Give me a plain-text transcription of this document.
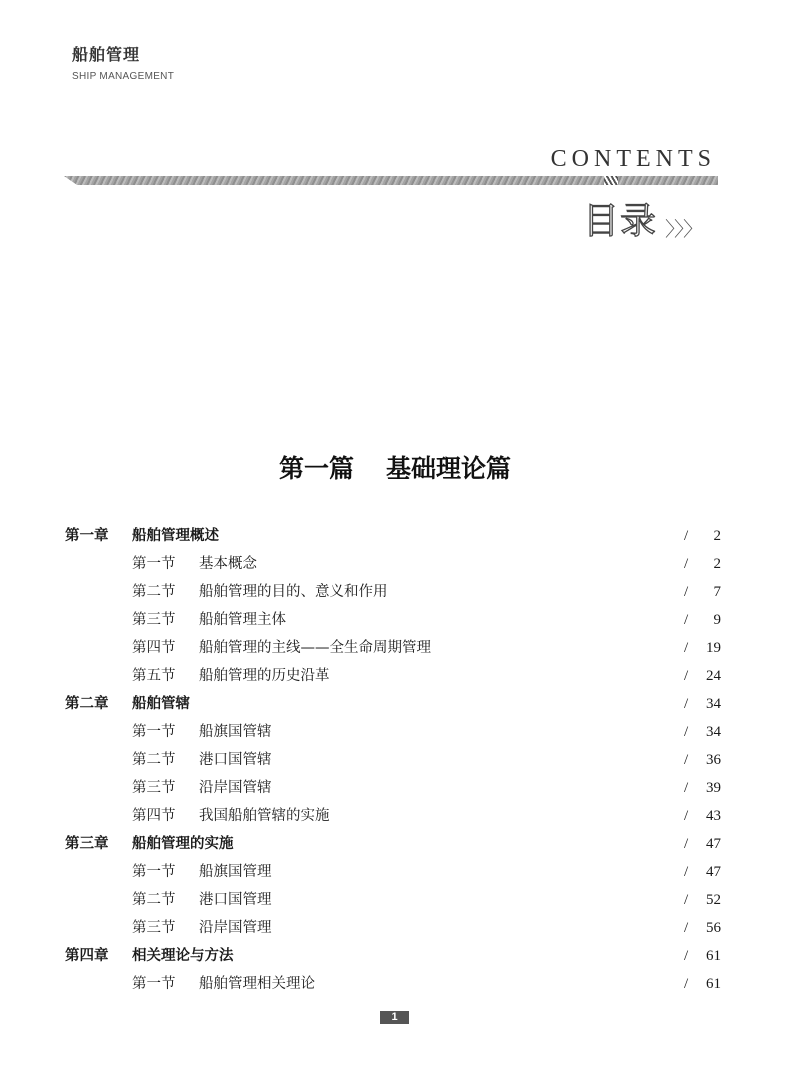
船舶管理
SHIP MANAGEMENT
CONTENTS
目录 〉〉〉
第一篇 基础理论篇
第一章 船舶管理概述	/ 2
第一节 基本概念	/ 2
第二节 船舶管理的目的、意义和作用	/ 7
第三节 船舶管理主体	/ 9
第四节 船舶管理的主线——全生命周期管理	/ 19
第五节 船舶管理的历史沿革	/ 24
第二章 船舶管辖	/ 34
第一节 船旗国管辖	/ 34
第二节 港口国管辖	/ 36
第三节 沿岸国管辖	/ 39
第四节 我国船舶管辖的实施	/ 43
第三章 船舶管理的实施	/ 47
第一节 船旗国管理	/ 47
第二节 港口国管理	/ 52
第三节 沿岸国管理	/ 56
第四章 相关理论与方法	/ 61
第一节 船舶管理相关理论	/ 61
1
